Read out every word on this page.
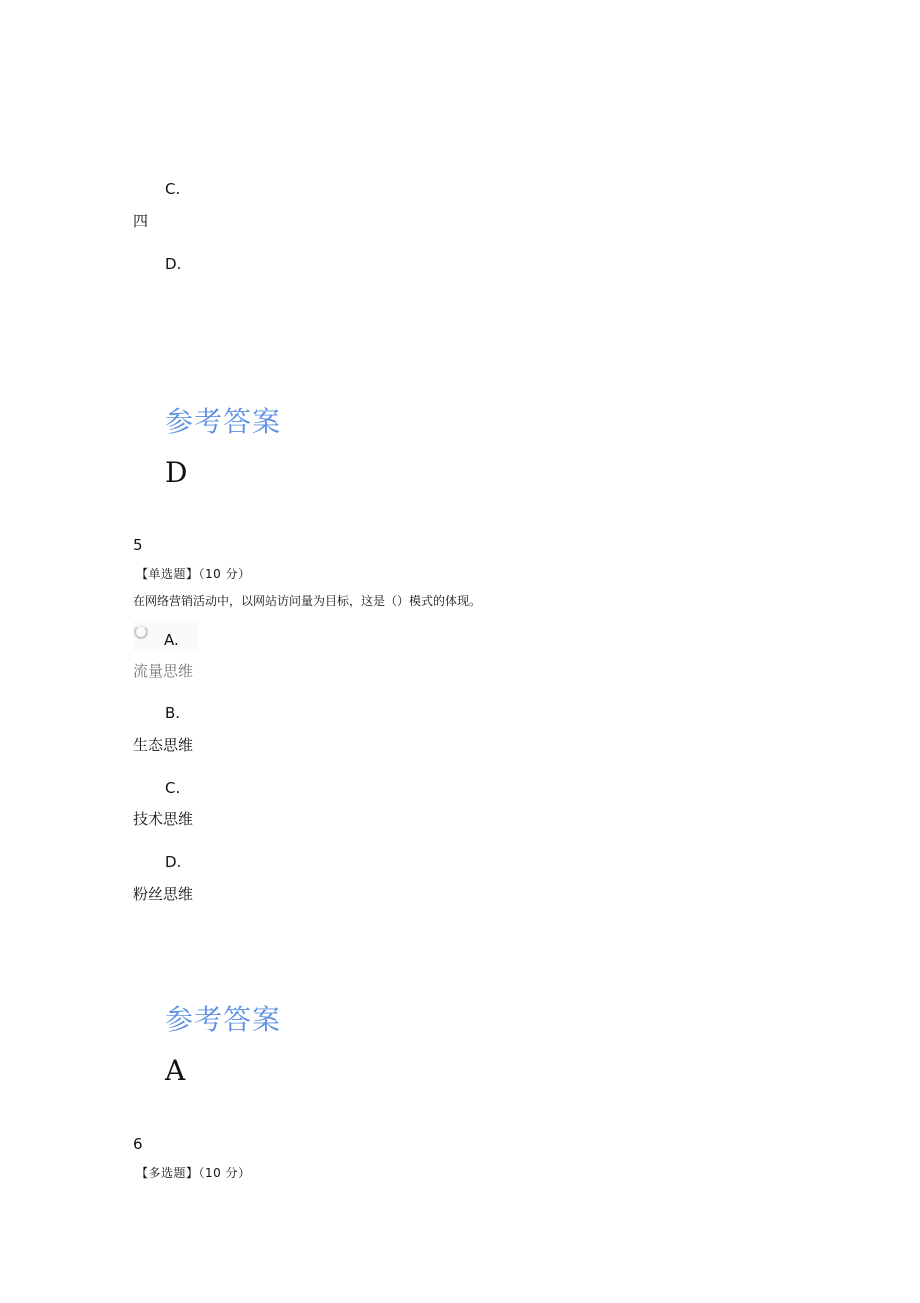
C.
四
D.
参考答案
D
5
【单选题】（10 分）
在网络营销活动中，以网站访问量为目标，这是（）模式的体现。
A.
流量思维
B.
生态思维
C.
技术思维
D.
粉丝思维
参考答案
A
6
【多选题】（10 分）
